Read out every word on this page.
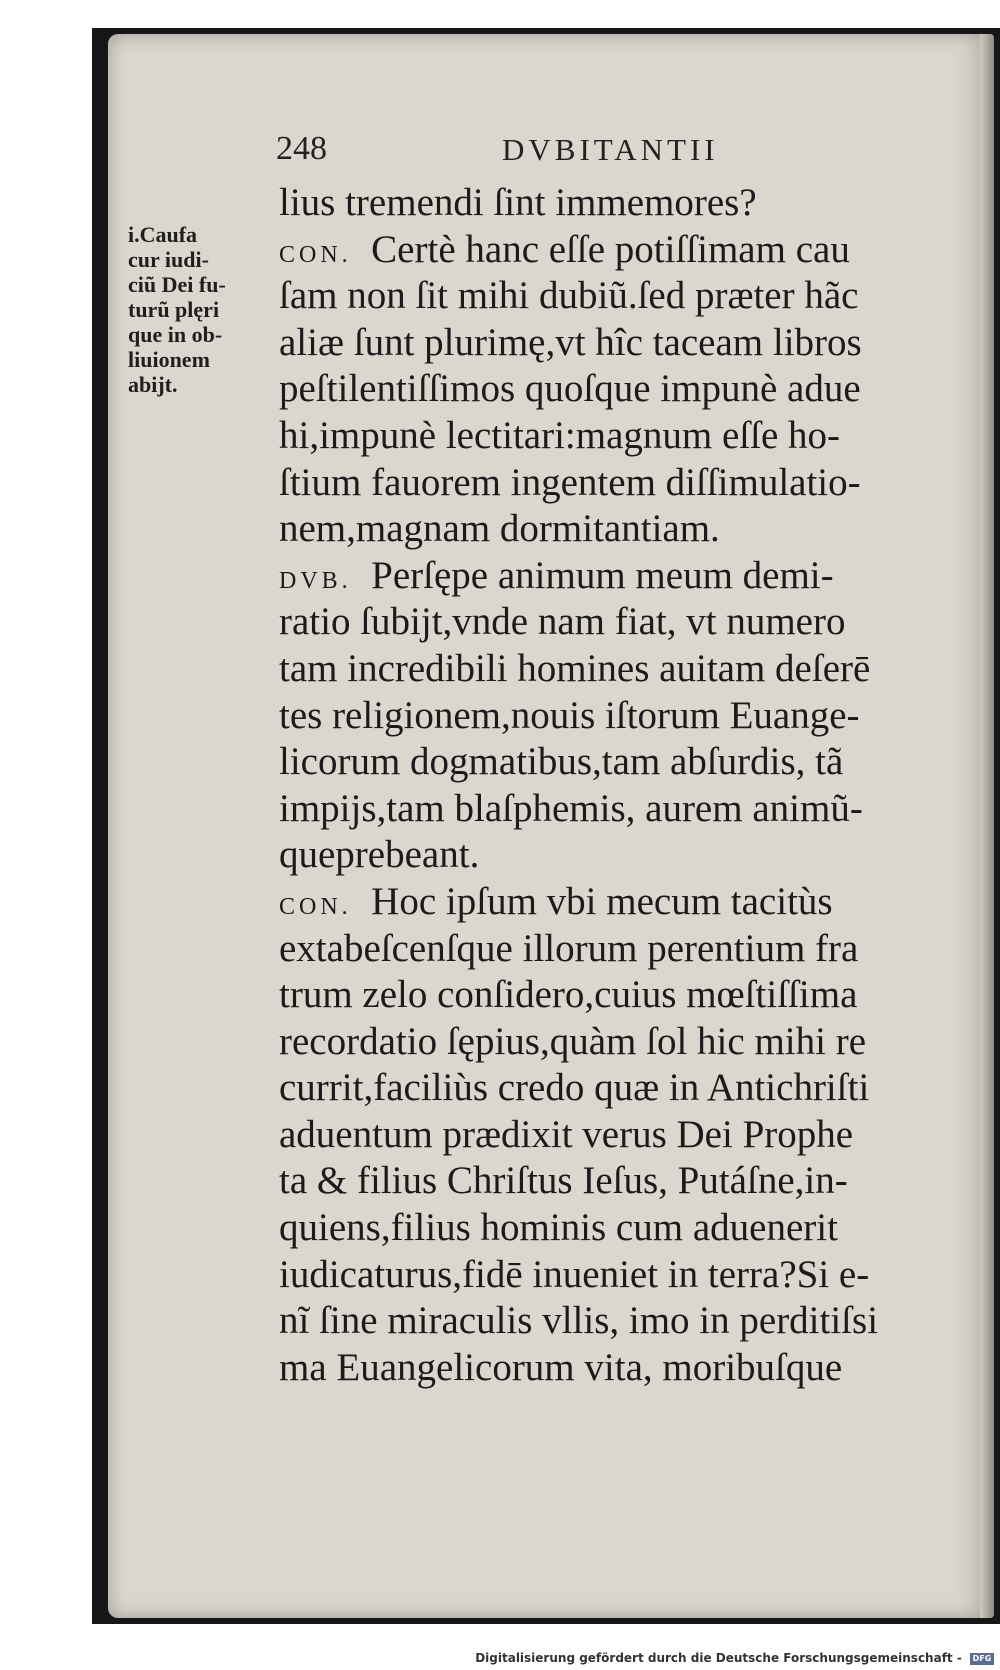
248	DVBITANTII
i.Caufa
cur iudi-
ciũ Dei fu-
turũ plęri
que in ob-
liuionem
abijt.
lius tremendi ſint immemores?
CON. Certè hanc eſſe potiſſimam cau
ſam non ſit mihi dubiũ.ſed præter hãc
aliæ ſunt plurimę,vt hîc taceam libros
peſtilentiſſimos quoſque impunè adue
hi,impunè lectitari:magnum eſſe ho-
ſtium fauorem ingentem diſſimulatio-
nem,magnam dormitantiam.
DVB. Perſępe animum meum demi-
ratio ſubijt,vnde nam fiat, vt numero
tam incredibili homines auitam deſerē
tes religionem,nouis iſtorum Euange-
licorum dogmatibus,tam abſurdis, tã
impijs,tam blaſphemis, aurem animũ-
queprebeant.
CON. Hoc ipſum vbi mecum tacitùs
extabeſcenſque illorum perentium fra
trum zelo conſidero,cuius mœſtiſſima
recordatio ſępius,quàm ſol hic mihi re
currit,faciliùs credo quæ in Antichriſti
aduentum prædixit verus Dei Prophe
ta & filius Chriſtus Ieſus, Putáſne,in-
quiens,filius hominis cum aduenerit
iudicaturus,fidē inueniet in terra?Si e-
nĩ ſine miraculis vllis, imo in perditiſsi
ma Euangelicorum vita, moribuſque
Digitalisierung gefördert durch die Deutsche Forschungsgemeinschaft - DFG
